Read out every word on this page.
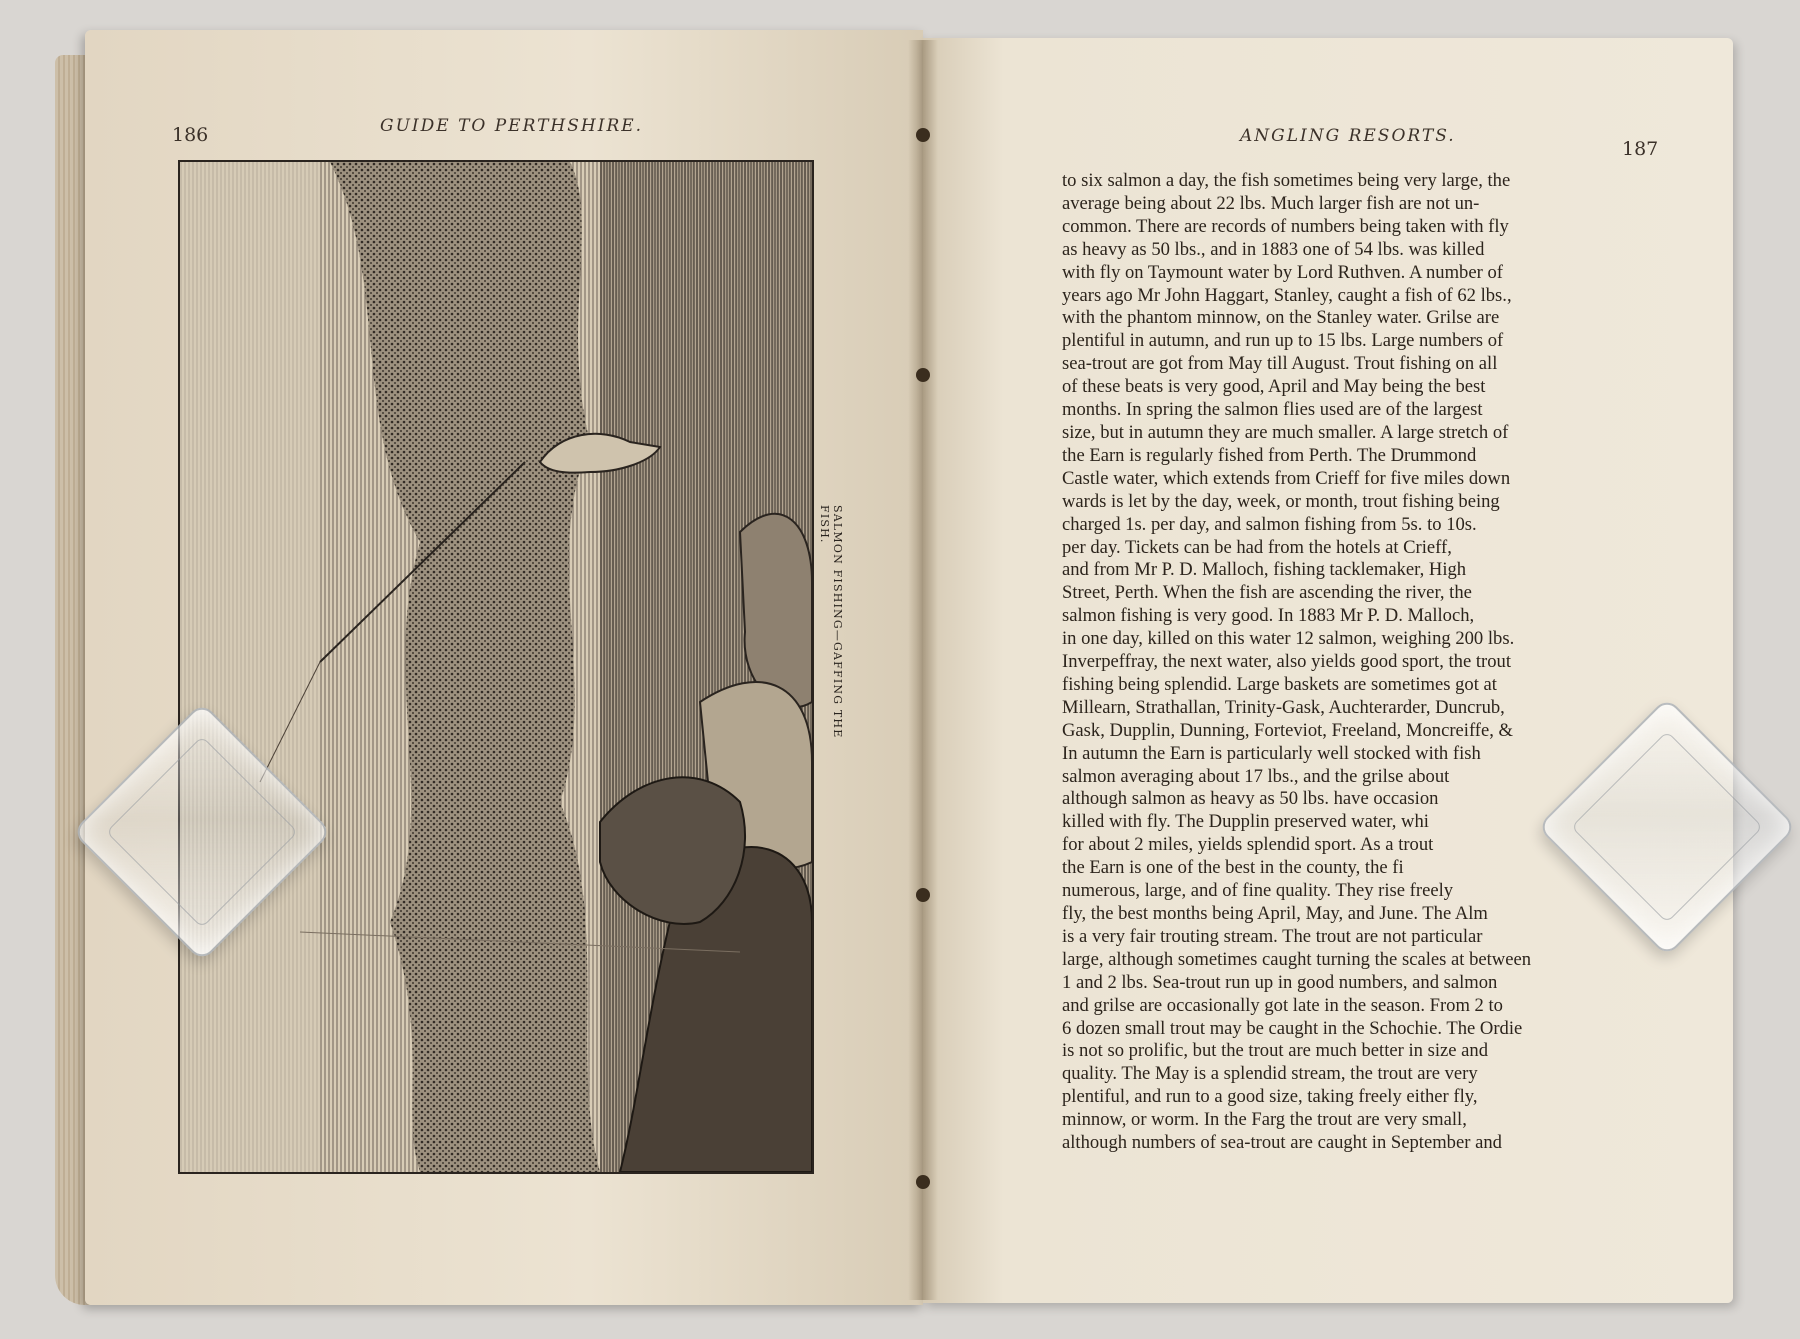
186	GUIDE TO PERTHSHIRE.
SALMON FISHING—GAFFING THE FISH.
ANGLING RESORTS.
187
to six salmon a day, the fish sometimes being very large, the
average being about 22 lbs. Much larger fish are not un-
common. There are records of numbers being taken with fly
as heavy as 50 lbs., and in 1883 one of 54 lbs. was killed
with fly on Taymount water by Lord Ruthven. A number of
years ago Mr John Haggart, Stanley, caught a fish of 62 lbs.,
with the phantom minnow, on the Stanley water. Grilse are
plentiful in autumn, and run up to 15 lbs. Large numbers of
sea-trout are got from May till August. Trout fishing on all
of these beats is very good, April and May being the best
months. In spring the salmon flies used are of the largest
size, but in autumn they are much smaller. A large stretch of
the Earn is regularly fished from Perth. The Drummond
Castle water, which extends from Crieff for five miles down
wards is let by the day, week, or month, trout fishing being
charged 1s. per day, and salmon fishing from 5s. to 10s.
per day. Tickets can be had from the hotels at Crieff,
and from Mr P. D. Malloch, fishing tacklemaker, High
Street, Perth. When the fish are ascending the river, the
salmon fishing is very good. In 1883 Mr P. D. Malloch,
in one day, killed on this water 12 salmon, weighing 200 lbs.
Inverpeffray, the next water, also yields good sport, the trout
fishing being splendid. Large baskets are sometimes got at
Millearn, Strathallan, Trinity-Gask, Auchterarder, Duncrub,
Gask, Dupplin, Dunning, Forteviot, Freeland, Moncreiffe, &
In autumn the Earn is particularly well stocked with fish
salmon averaging about 17 lbs., and the grilse about
although salmon as heavy as 50 lbs. have occasion
killed with fly. The Dupplin preserved water, whi
for about 2 miles, yields splendid sport. As a trout
the Earn is one of the best in the county, the fi
numerous, large, and of fine quality. They rise freely
fly, the best months being April, May, and June. The Alm
is a very fair trouting stream. The trout are not particular
large, although sometimes caught turning the scales at between
1 and 2 lbs. Sea-trout run up in good numbers, and salmon
and grilse are occasionally got late in the season. From 2 to
6 dozen small trout may be caught in the Schochie. The Ordie
is not so prolific, but the trout are much better in size and
quality. The May is a splendid stream, the trout are very
plentiful, and run to a good size, taking freely either fly,
minnow, or worm. In the Farg the trout are very small,
although numbers of sea-trout are caught in September and
